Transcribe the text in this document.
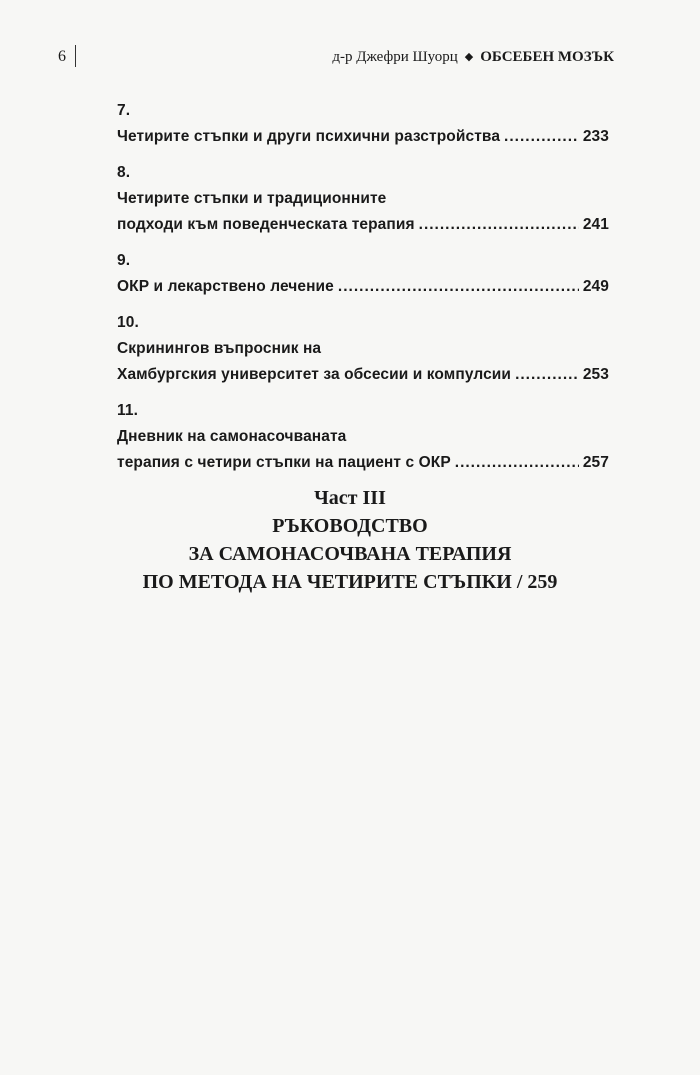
6	д-р Джефри Шуорц ◆ ОБСЕБЕН МОЗЪК
7.
Четирите стъпки и други психични разстройства .....	233
8.
Четирите стъпки и традиционните
подходи към поведенческата терапия .....	241
9.
ОКР и лекарствено лечение .....	249
10.
Скринингов въпросник на
Хамбургския университет за обсесии и компулсии .....	253
11.
Дневник на самонасочваната
терапия с четири стъпки на пациент с ОКР .....	257
Част III
РЪКОВОДСТВО
ЗА САМОНАСОЧВАНА ТЕРАПИЯ
ПО МЕТОДА НА ЧЕТИРИТЕ СТЪПКИ / 259
